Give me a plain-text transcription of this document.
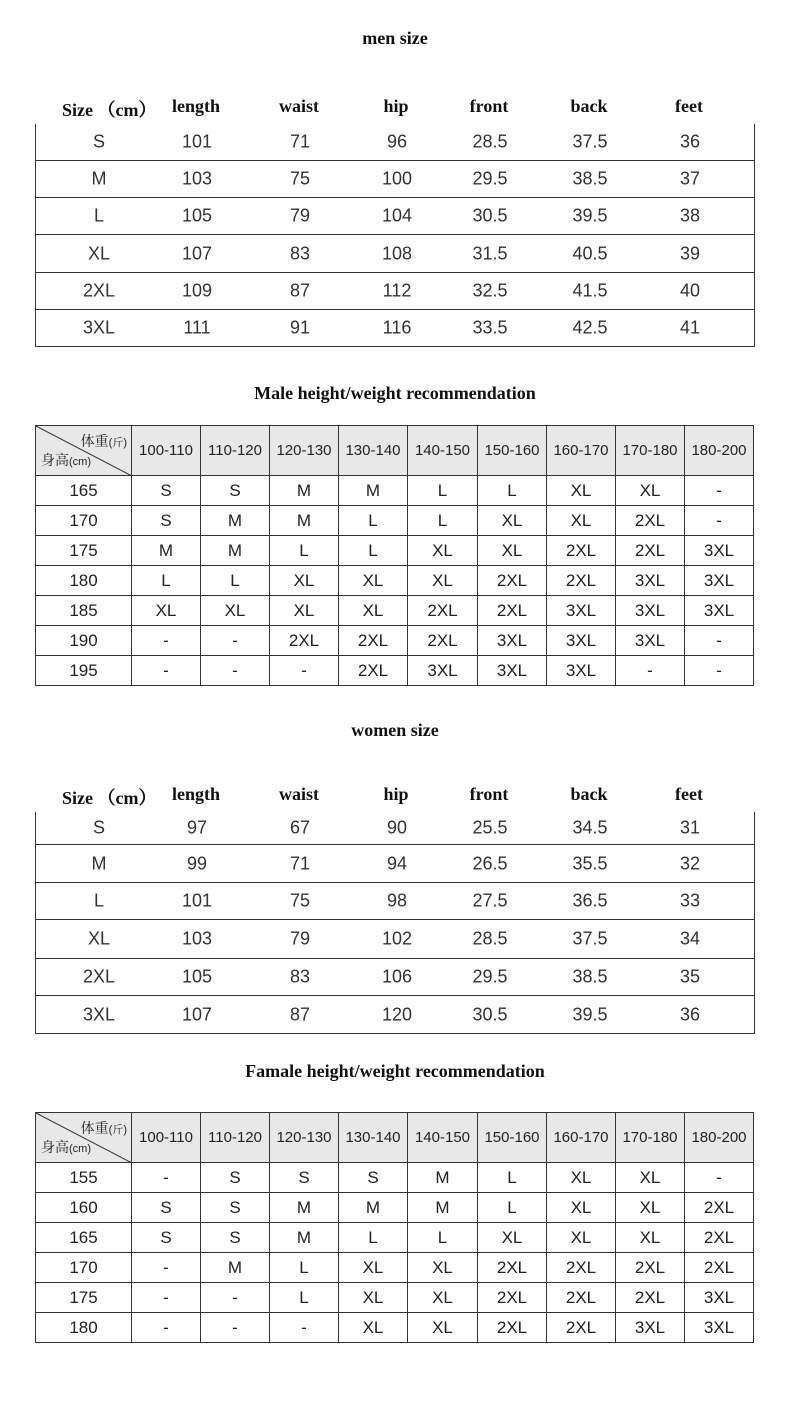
men size
Size （cm） length	waist	hip	front	back	feet
S	101	71	96	28.5	37.5	36
M	103	75	100	29.5	38.5	37
L	105	79	104	30.5	39.5	38
XL	107	83	108	31.5	40.5	39
2XL	109	87	112	32.5	41.5	40
3XL	111	91	116	33.5	42.5	41
Male height/weight recommendation
体重(斤)
身高(cm)	100-110	110-120	120-130	130-140	140-150	150-160	160-170	170-180	180-200
165	S	S	M	M	L	L	XL	XL	-
170	S	M	M	L	L	XL	XL	2XL	-
175	M	M	L	L	XL	XL	2XL	2XL	3XL
180	L	L	XL	XL	XL	2XL	2XL	3XL	3XL
185	XL	XL	XL	XL	2XL	2XL	3XL	3XL	3XL
190	-	-	2XL	2XL	2XL	3XL	3XL	3XL	-
195	-	-	-	2XL	3XL	3XL	3XL	-	-
women size
Size （cm） length	waist	hip	front	back	feet
S	97	67	90	25.5	34.5	31
M	99	71	94	26.5	35.5	32
L	101	75	98	27.5	36.5	33
XL	103	79	102	28.5	37.5	34
2XL	105	83	106	29.5	38.5	35
3XL	107	87	120	30.5	39.5	36
Famale height/weight recommendation
体重(斤)
身高(cm)	100-110	110-120	120-130	130-140	140-150	150-160	160-170	170-180	180-200
155	-	S	S	S	M	L	XL	XL	-
160	S	S	M	M	M	L	XL	XL	2XL
165	S	S	M	L	L	XL	XL	XL	2XL
170	-	M	L	XL	XL	2XL	2XL	2XL	2XL
175	-	-	L	XL	XL	2XL	2XL	2XL	3XL
180	-	-	-	XL	XL	2XL	2XL	3XL	3XL
